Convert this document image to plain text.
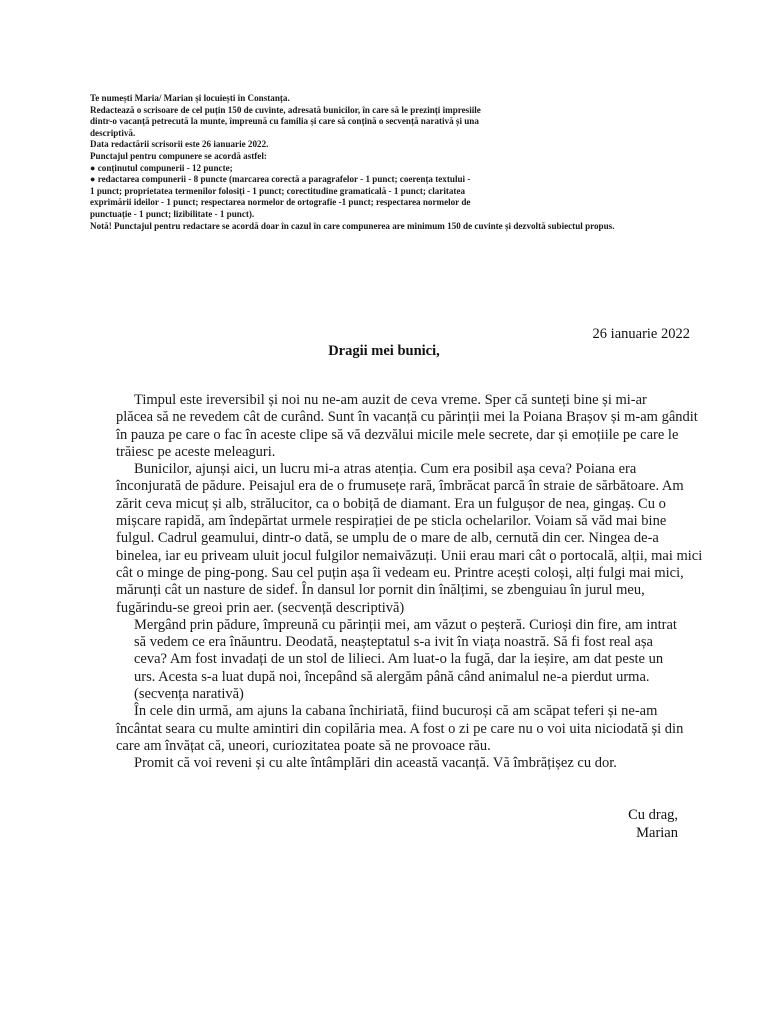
Te numești Maria/ Marian și locuiești în Constanța.
Redactează o scrisoare de cel puțin 150 de cuvinte, adresată bunicilor, în care să le prezinți impresiile
dintr-o vacanță petrecută la munte, împreună cu familia și care să conțină o secvență narativă și una
descriptivă.
Data redactării scrisorii este 26 ianuarie 2022.
Punctajul pentru compunere se acordă astfel:
● conținutul compunerii - 12 puncte;
● redactarea compunerii - 8 puncte (marcarea corectă a paragrafelor - 1 punct; coerența textului -
1 punct; proprietatea termenilor folosiți - 1 punct; corectitudine gramaticală - 1 punct; claritatea
exprimării ideilor - 1 punct; respectarea normelor de ortografie -1 punct; respectarea normelor de
punctuație - 1 punct; lizibilitate - 1 punct).
Notă! Punctajul pentru redactare se acordă doar în cazul în care compunerea are minimum 150 de cuvinte și dezvoltă subiectul propus.
26 ianuarie 2022
Dragii mei bunici,
Timpul este ireversibil și noi nu ne-am auzit de ceva vreme. Sper că sunteți bine și mi-ar
plăcea să ne revedem cât de curând. Sunt în vacanță cu părinții mei la Poiana Brașov și m-am gândit
în pauza pe care o fac în aceste clipe să vă dezvălui micile mele secrete, dar și emoțiile pe care le
trăiesc pe aceste meleaguri.
Bunicilor, ajunși aici, un lucru mi-a atras atenția. Cum era posibil așa ceva? Poiana era
înconjurată de pădure. Peisajul era de o frumusețe rară, îmbrăcat parcă în straie de sărbătoare. Am
zărit ceva micuț și alb, strălucitor, ca o bobiță de diamant. Era un fulgușor de nea, gingaș. Cu o
mișcare rapidă, am îndepărtat urmele respirației de pe sticla ochelarilor. Voiam să văd mai bine
fulgul. Cadrul geamului, dintr-o dată, se umplu de o mare de alb, cernută din cer. Ningea de-a
binelea, iar eu priveam uluit jocul fulgilor nemaivăzuți. Unii erau mari cât o portocală, alții, mai mici
cât o minge de ping-pong. Sau cel puțin așa îi vedeam eu. Printre acești coloși, alți fulgi mai mici,
mărunți cât un nasture de sidef. În dansul lor pornit din înălțimi, se zbenguiau în jurul meu,
fugărindu-se greoi prin aer. (secvență descriptivă)
Mergând prin pădure, împreună cu părinții mei, am văzut o peșteră. Curioși din fire, am intrat
să vedem ce era înăuntru. Deodată, neașteptatul s-a ivit în viața noastră. Să fi fost real așa
ceva? Am fost invadați de un stol de lilieci. Am luat-o la fugă, dar la ieșire, am dat peste un
urs. Acesta s-a luat după noi, începând să alergăm până când animalul ne-a pierdut urma.
(secvența narativă)
În cele din urmă, am ajuns la cabana închiriată, fiind bucuroși că am scăpat teferi și ne-am
încântat seara cu multe amintiri din copilăria mea. A fost o zi pe care nu o voi uita niciodată și din
care am învățat că, uneori, curiozitatea poate să ne provoace rău.
Promit că voi reveni și cu alte întâmplări din această vacanță. Vă îmbrățișez cu dor.
Cu drag,
Marian
